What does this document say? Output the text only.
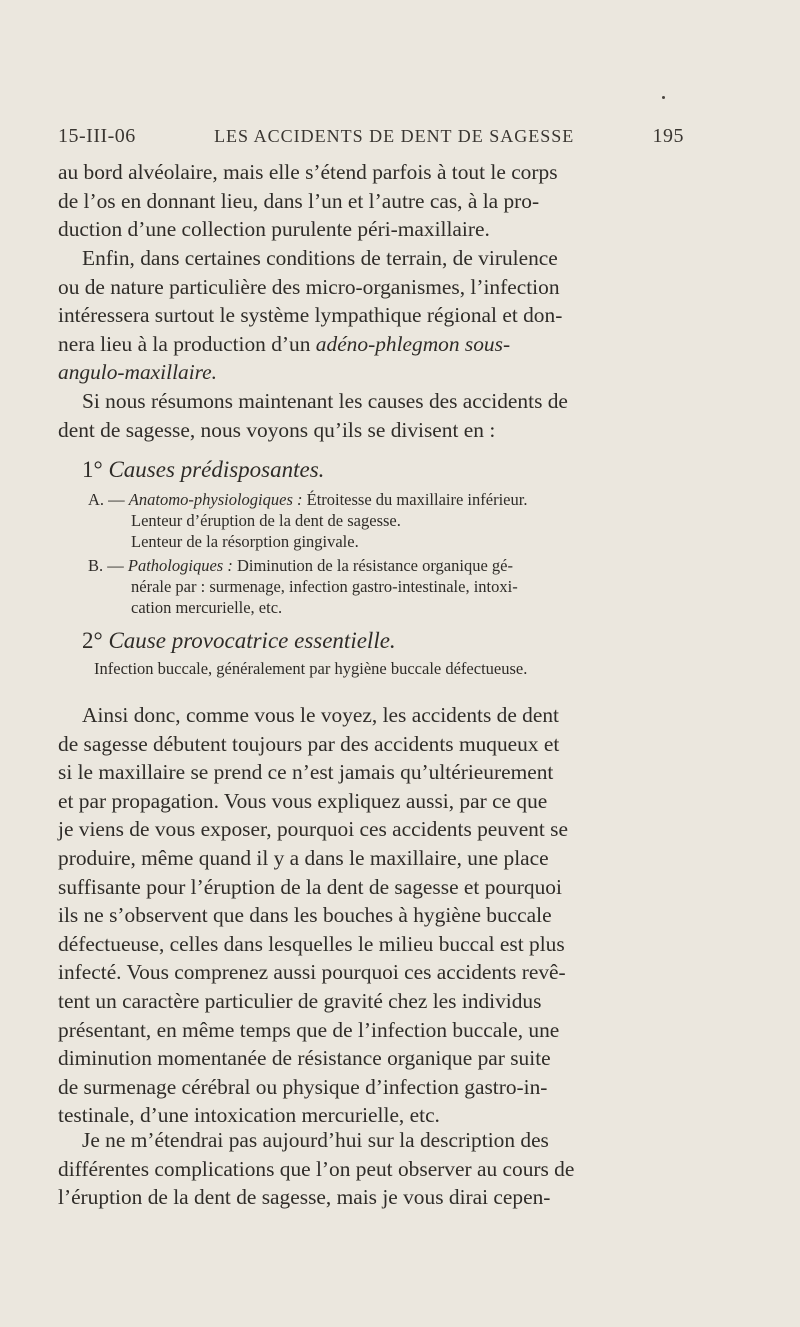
15-III-06	LES ACCIDENTS DE DENT DE SAGESSE	195

au bord alvéolaire, mais elle s’étend parfois à tout le corps

de l’os en donnant lieu, dans l’un et l’autre cas, à la pro-

duction d’une collection purulente péri-maxillaire.

Enfin, dans certaines conditions de terrain, de virulence

ou de nature particulière des micro-organismes, l’infection

intéressera surtout le système lympathique régional et don-

nera lieu à la production d’un adéno-phlegmon sous-

angulo-maxillaire.

Si nous résumons maintenant les causes des accidents de

dent de sagesse, nous voyons qu’ils se divisent en :

1° Causes prédisposantes.

A. — Anatomo-physiologiques : Étroitesse du maxillaire inférieur.

Lenteur d’éruption de la dent de sagesse.

Lenteur de la résorption gingivale.

B. — Pathologiques : Diminution de la résistance organique gé-

nérale par : surmenage, infection gastro-intestinale, intoxi-

cation mercurielle, etc.

2° Cause provocatrice essentielle.

Infection buccale, généralement par hygiène buccale défectueuse.

Ainsi donc, comme vous le voyez, les accidents de dent

de sagesse débutent toujours par des accidents muqueux et

si le maxillaire se prend ce n’est jamais qu’ultérieurement

et par propagation. Vous vous expliquez aussi, par ce que

je viens de vous exposer, pourquoi ces accidents peuvent se

produire, même quand il y a dans le maxillaire, une place

suffisante pour l’éruption de la dent de sagesse et pourquoi

ils ne s’observent que dans les bouches à hygiène buccale

défectueuse, celles dans lesquelles le milieu buccal est plus

infecté. Vous comprenez aussi pourquoi ces accidents revê-

tent un caractère particulier de gravité chez les individus

présentant, en même temps que de l’infection buccale, une

diminution momentanée de résistance organique par suite

de surmenage cérébral ou physique d’infection gastro-in-

testinale, d’une intoxication mercurielle, etc.

Je ne m’étendrai pas aujourd’hui sur la description des

différentes complications que l’on peut observer au cours de

l’éruption de la dent de sagesse, mais je vous dirai cepen-
